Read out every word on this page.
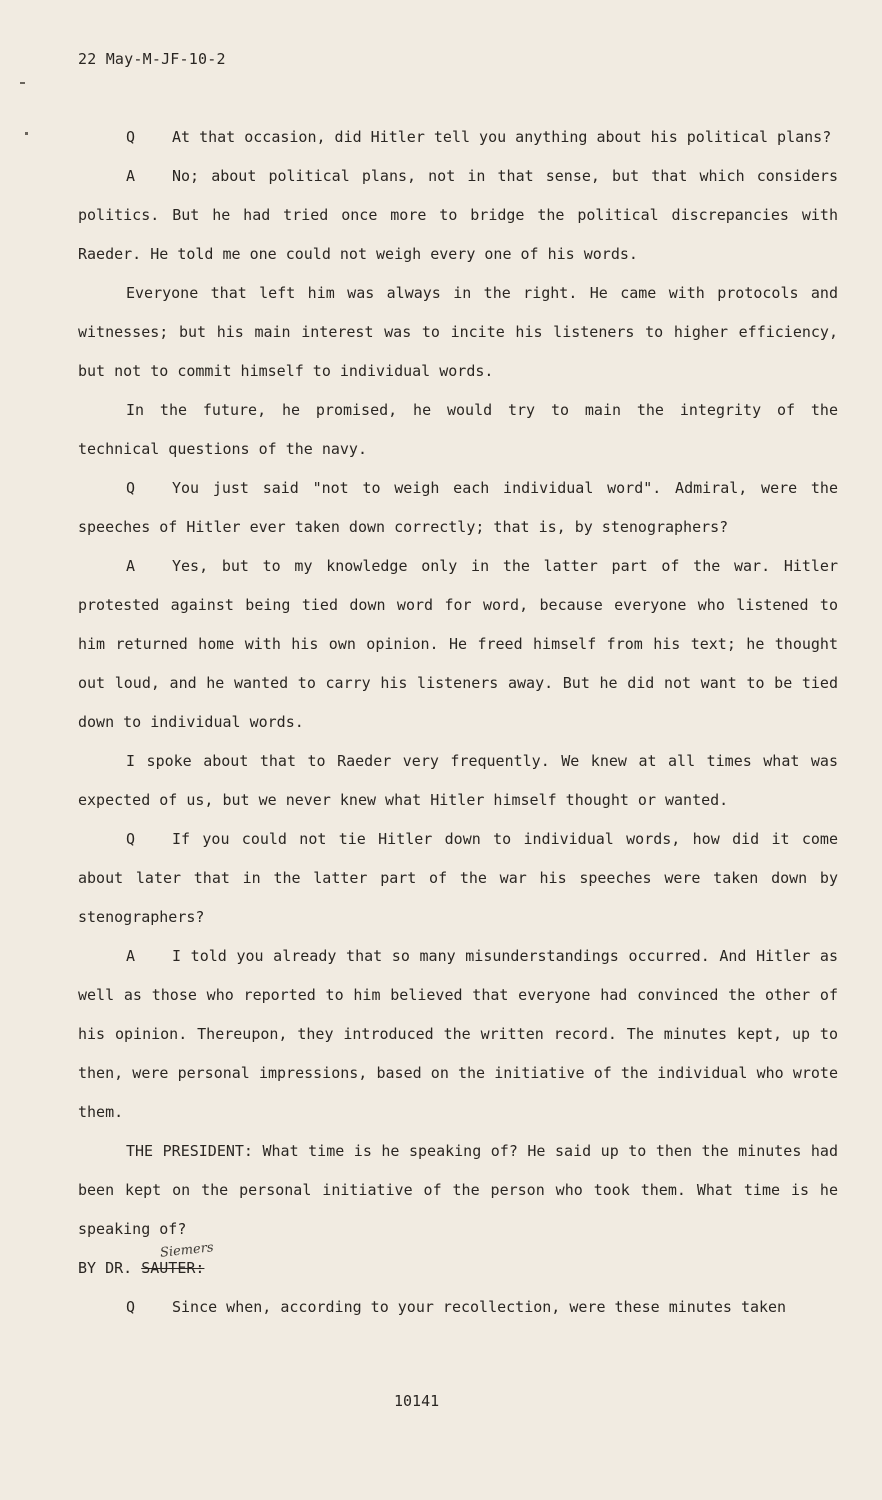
22 May-M-JF-10-2

Q At that occasion, did Hitler tell you anything about his political plans?

A No; about political plans, not in that sense, but that which considers politics. But he had tried once more to bridge the political discrepancies with Raeder. He told me one could not weigh every one of his words.

Everyone that left him was always in the right. He came with protocols and witnesses; but his main interest was to incite his listeners to higher efficiency, but not to commit himself to individual words.

In the future, he promised, he would try to main the integrity of the technical questions of the navy.

Q You just said "not to weigh each individual word". Admiral, were the speeches of Hitler ever taken down correctly; that is, by stenographers?

A Yes, but to my knowledge only in the latter part of the war. Hitler protested against being tied down word for word, because everyone who listened to him returned home with his own opinion. He freed himself from his text; he thought out loud, and he wanted to carry his listeners away. But he did not want to be tied down to individual words.

I spoke about that to Raeder very frequently. We knew at all times what was expected of us, but we never knew what Hitler himself thought or wanted.

Q If you could not tie Hitler down to individual words, how did it come about later that in the latter part of the war his speeches were taken down by stenographers?

A I told you already that so many misunderstandings occurred. And Hitler as well as those who reported to him believed that everyone had convinced the other of his opinion. Thereupon, they introduced the written record. The minutes kept, up to then, were personal impressions, based on the initiative of the individual who wrote them.

THE PRESIDENT: What time is he speaking of? He said up to then the minutes had been kept on the personal initiative of the person who took them. What time is he speaking of?

BY DR. SAUTER:
Siemers

Q Since when, according to your recollection, were these minutes taken

10141
